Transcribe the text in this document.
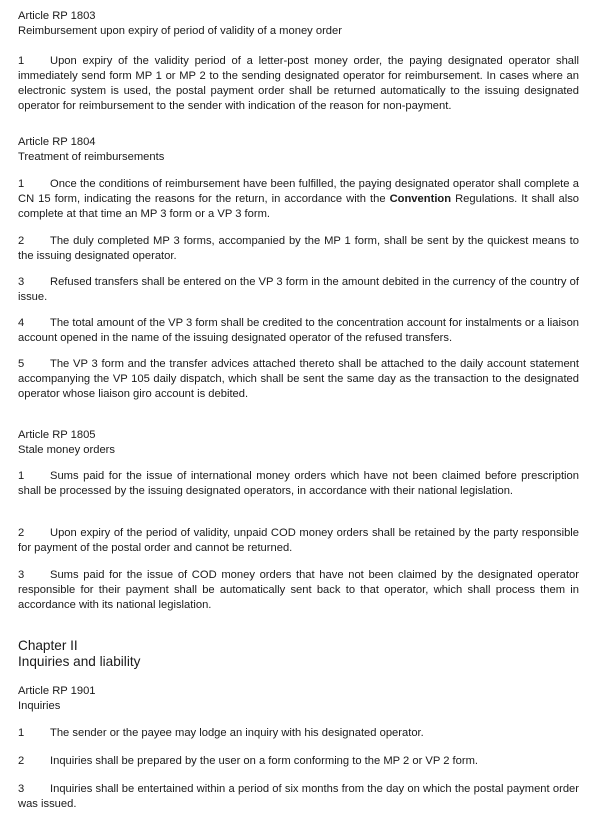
Article RP 1803
Reimbursement upon expiry of period of validity of a money order
1 Upon expiry of the validity period of a letter-post money order, the paying designated operator shall immediately send form MP 1 or MP 2 to the sending designated operator for reimbursement. In cases where an electronic system is used, the postal payment order shall be returned automatically to the issuing designated operator for reimbursement to the sender with indication of the reason for non-payment.
Article RP 1804
Treatment of reimbursements
1 Once the conditions of reimbursement have been fulfilled, the paying designated operator shall complete a CN 15 form, indicating the reasons for the return, in accordance with the Convention Regulations. It shall also complete at that time an MP 3 form or a VP 3 form.
2 The duly completed MP 3 forms, accompanied by the MP 1 form, shall be sent by the quickest means to the issuing designated operator.
3 Refused transfers shall be entered on the VP 3 form in the amount debited in the currency of the country of issue.
4 The total amount of the VP 3 form shall be credited to the concentration account for instalments or a liaison account opened in the name of the issuing designated operator of the refused transfers.
5 The VP 3 form and the transfer advices attached thereto shall be attached to the daily account statement accompanying the VP 105 daily dispatch, which shall be sent the same day as the transaction to the designated operator whose liaison giro account is debited.
Article RP 1805
Stale money orders
1 Sums paid for the issue of international money orders which have not been claimed before prescription shall be processed by the issuing designated operators, in accordance with their national legislation.
2 Upon expiry of the period of validity, unpaid COD money orders shall be retained by the party responsible for payment of the postal order and cannot be returned.
3 Sums paid for the issue of COD money orders that have not been claimed by the designated operator responsible for their payment shall be automatically sent back to that operator, which shall process them in accordance with its national legislation.
Chapter II
Inquiries and liability
Article RP 1901
Inquiries
1 The sender or the payee may lodge an inquiry with his designated operator.
2 Inquiries shall be prepared by the user on a form conforming to the MP 2 or VP 2 form.
3 Inquiries shall be entertained within a period of six months from the day on which the postal payment order was issued.
